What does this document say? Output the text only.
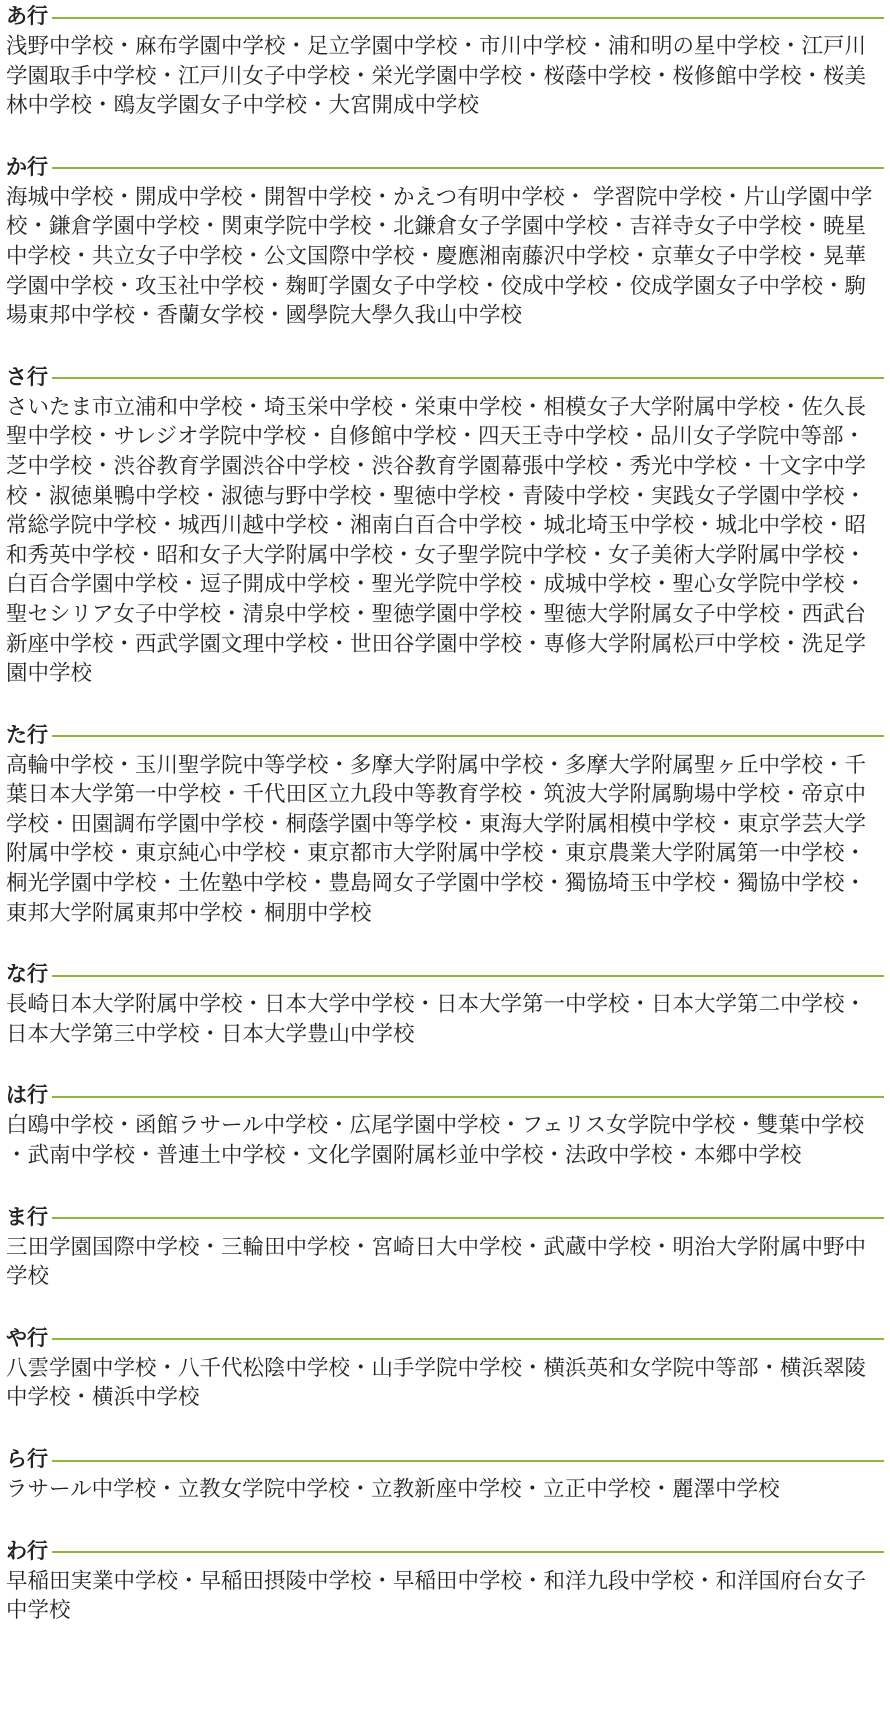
あ行

浅野中学校・麻布学園中学校・足立学園中学校・市川中学校・浦和明の星中学校・江戸川学園取手中学校・江戸川女子中学校・栄光学園中学校・桜蔭中学校・桜修館中学校・桜美林中学校・鴎友学園女子中学校・大宮開成中学校

か行

海城中学校・開成中学校・開智中学校・かえつ有明中学校・ 学習院中学校・片山学園中学校・鎌倉学園中学校・関東学院中学校・北鎌倉女子学園中学校・吉祥寺女子中学校・暁星中学校・共立女子中学校・公文国際中学校・慶應湘南藤沢中学校・京華女子中学校・晃華学園中学校・攻玉社中学校・麹町学園女子中学校・佼成中学校・佼成学園女子中学校・駒場東邦中学校・香蘭女学校・國學院大學久我山中学校

さ行

さいたま市立浦和中学校・埼玉栄中学校・栄東中学校・相模女子大学附属中学校・佐久長聖中学校・サレジオ学院中学校・自修館中学校・四天王寺中学校・品川女子学院中等部・芝中学校・渋谷教育学園渋谷中学校・渋谷教育学園幕張中学校・秀光中学校・十文字中学校・淑徳巣鴨中学校・淑徳与野中学校・聖徳中学校・青陵中学校・実践女子学園中学校・常総学院中学校・城西川越中学校・湘南白百合中学校・城北埼玉中学校・城北中学校・昭和秀英中学校・昭和女子大学附属中学校・女子聖学院中学校・女子美術大学附属中学校・白百合学園中学校・逗子開成中学校・聖光学院中学校・成城中学校・聖心女学院中学校・聖セシリア女子中学校・清泉中学校・聖徳学園中学校・聖徳大学附属女子中学校・西武台新座中学校・西武学園文理中学校・世田谷学園中学校・専修大学附属松戸中学校・洗足学園中学校

た行

高輪中学校・玉川聖学院中等学校・多摩大学附属中学校・多摩大学附属聖ヶ丘中学校・千葉日本大学第一中学校・千代田区立九段中等教育学校・筑波大学附属駒場中学校・帝京中学校・田園調布学園中学校・桐蔭学園中等学校・東海大学附属相模中学校・東京学芸大学附属中学校・東京純心中学校・東京都市大学附属中学校・東京農業大学附属第一中学校・桐光学園中学校・土佐塾中学校・豊島岡女子学園中学校・獨協埼玉中学校・獨協中学校・東邦大学附属東邦中学校・桐朋中学校

な行

長崎日本大学附属中学校・日本大学中学校・日本大学第一中学校・日本大学第二中学校・日本大学第三中学校・日本大学豊山中学校

は行

白鴎中学校・函館ラサール中学校・広尾学園中学校・フェリス女学院中学校・雙葉中学校・武南中学校・普連土中学校・文化学園附属杉並中学校・法政中学校・本郷中学校

ま行

三田学園国際中学校・三輪田中学校・宮崎日大中学校・武蔵中学校・明治大学附属中野中学校

や行

八雲学園中学校・八千代松陰中学校・山手学院中学校・横浜英和女学院中等部・横浜翠陵中学校・横浜中学校

ら行

ラサール中学校・立教女学院中学校・立教新座中学校・立正中学校・麗澤中学校

わ行

早稲田実業中学校・早稲田摂陵中学校・早稲田中学校・和洋九段中学校・和洋国府台女子中学校
